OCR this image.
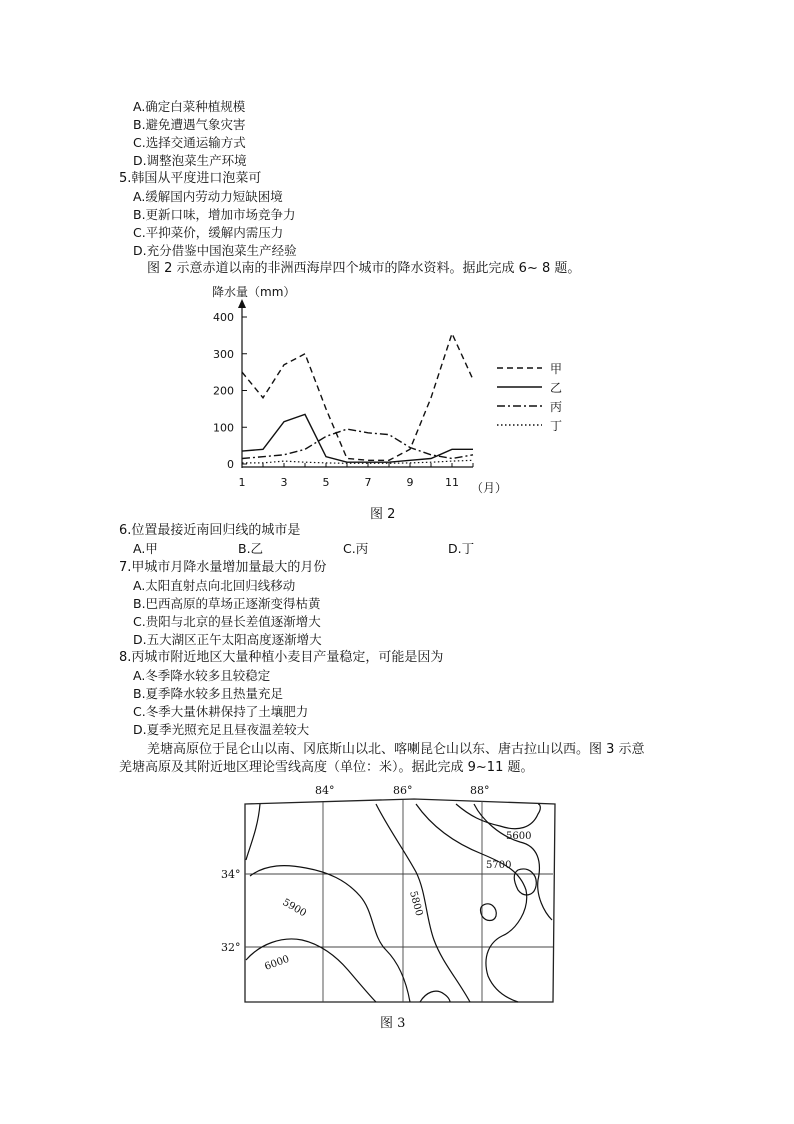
A.确定白菜种植规模
B.避免遭遇气象灾害
C.选择交通运输方式
D.调整泡菜生产环境
5.韩国从平度进口泡菜可
A.缓解国内劳动力短缺困境
B.更新口味，增加市场竞争力
C.平抑菜价，缓解内需压力
D.充分借鉴中国泡菜生产经验
图 2 示意赤道以南的非洲西海岸四个城市的降水资料。据此完成 6~ 8 题。
降水量（mm）
0
100
200
300
400
1	3	5	7	9	11
甲
乙
丙
丁
（月）
图 2
6.位置最接近南回归线的城市是
A.甲	B.乙	C.丙	D.丁
7.甲城市月降水量增加量最大的月份
A.太阳直射点向北回归线移动
B.巴西高原的草场正逐渐变得枯黄
C.贵阳与北京的昼长差值逐渐增大
D.五大湖区正午太阳高度逐渐增大
8.丙城市附近地区大量种植小麦目产量稳定，可能是因为
A.冬季降水较多且较稳定
B.夏季降水较多且热量充足
C.冬季大量休耕保持了土壤肥力
D.夏季光照充足且昼夜温差较大
羌塘高原位于昆仑山以南、冈底斯山以北、喀喇昆仑山以东、唐古拉山以西。图 3 示意
羌塘高原及其附近地区理论雪线高度（单位：米）。据此完成 9~11 题。
84°	86°	88°
34°
32°
5600
5700
5800
5900
6000
图 3
